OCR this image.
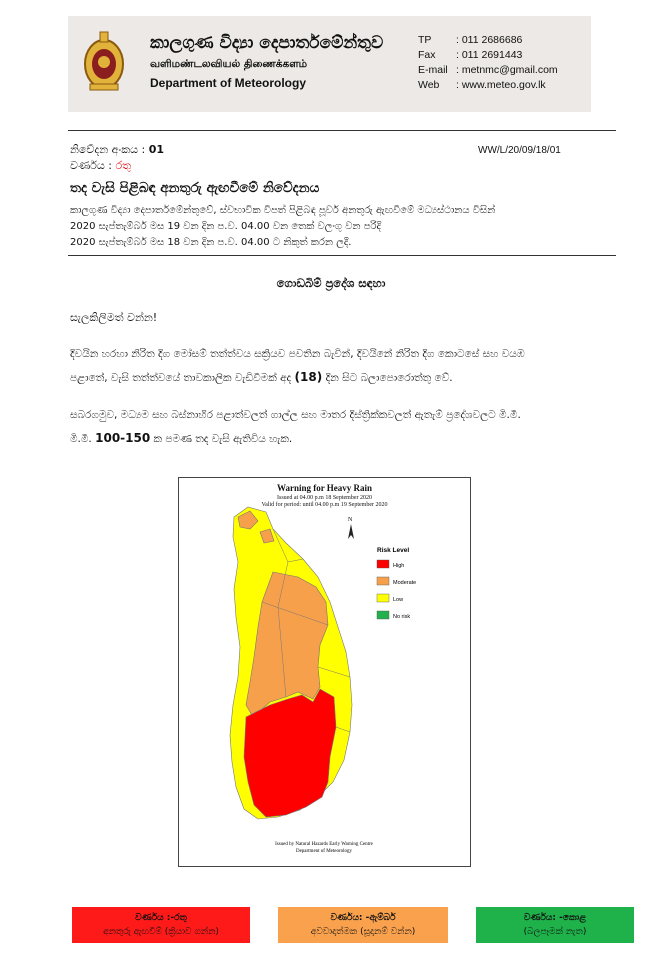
කාලගුණ විද්‍යා දෙපාර්තමේන්තුව
வளிமண்டலவியல் திணைக்களம்
Department of Meteorology
TP : 011 2686686
Fax : 011 2691443
E-mail : metnmc@gmail.com
Web : www.meteo.gov.lk
නිවේදන අංකය : 01	WW/L/20/09/18/01
වර්ණය : රතු
තද වැසි පිළිබඳ අනතුරු ඇඟවීමේ නිවේදනය
කාලගුණ විද්‍යා දෙපාර්තමේන්තුවේ, ස්වභාවික විපත් පිළිබඳ පූර්ව අනතුරු ඇඟවීමේ මධ්‍යස්ථානය විසින්
2020 සැප්තැම්බර් මස 19 වන දින ප.ව. 04.00 වන තෙක් වලංගු වන පරිදි
2020 සැප්තැම්බර් මස 18 වන දින ප.ව. 04.00 ට නිකුත් කරන ලදී.
ගොඩබිම් ප්‍රදේශ සඳහා
සැලකිලිමත් වන්න!

දිවයින හරහා නිරිත දිග මෝසම් තත්ත්වය සක්‍රියව පවතින බැවින්, දිවයිනේ නිරිත දිග කොටසේ සහ වයඹ

පළාතේ, වැසි තත්ත්වයේ තාවකාලික වැඩිවීමක් අද (18) දින සිට බලාපොරොත්තු වේ.

සබරගමුව, මධ්‍යම සහ බස්නාහිර පළාත්වලත් ගාල්ල සහ මාතර දිස්ත්‍රික්කවලත් ඇතැම් ප්‍රදේශවලට මි.මී.

මි.මී. 100-150 ක පමණ තද වැසි ඇතිවිය හැක.

Warning for Heavy Rain
Issued at 04.00 p.m 18 September 2020
Valid for period: until 04.00 p.m 19 September 2020
N
Risk Level
High
Moderate
Low
No risk
Issued by Natural Hazards Early Warning Centre
Department of Meteorology
වර්ණය :-රතු
අනතුරු ඇඟවීම් (ක්‍රියාව ගන්න)
වර්ණය: -ඇම්බර්
අවවාදාත්මක (සූදානම් වන්න)
වර්ණය: -කොළ
(බලපෑමක් නැත)
